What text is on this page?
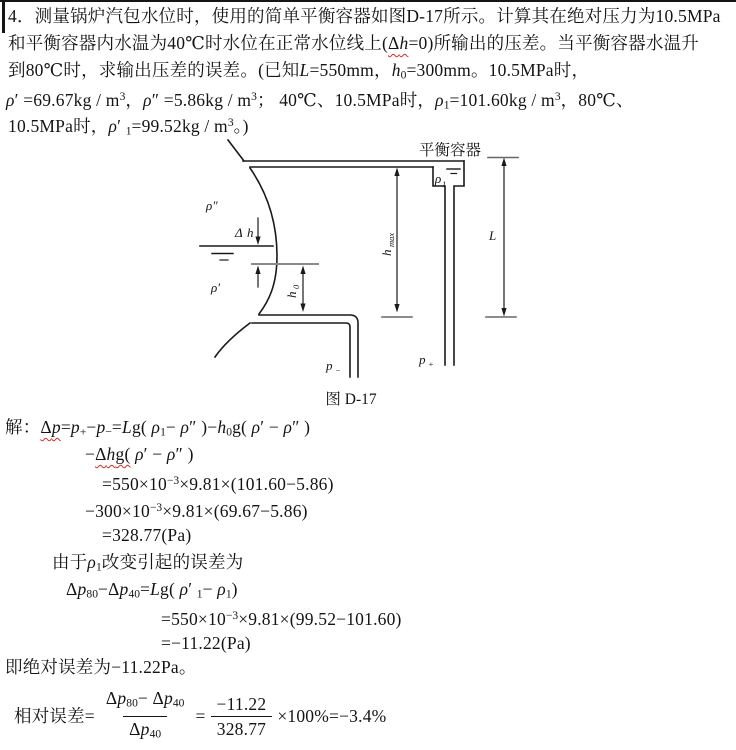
4．测量锅炉汽包水位时，使用的简单平衡容器如图D-17所示。计算其在绝对压力为10.5MPa
和平衡容器内水温为40℃时水位在正常水位线上(Δh=0)所输出的压差。当平衡容器水温升
到80℃时，求输出压差的误差。(已知L=550mm，h0=300mm。10.5MPa时，
$\rho' =69.67kg / m^3$，$\rho'' =5.86kg / m^3$； 40℃、10.5MPa时，$\rho 1=101.60kg / m^3$，80℃、
10.5MPa时，ρ′ $1=99.52kg / m^3$。)
平衡容器
ρ″
Δ h
ρ′	h
0
h
max	L
ρ 1
p −
p +
图 D-17
解：Δp=p+−p−=Lg( ρ1− ρ″ )−h0g( ρ′ − ρ″ )
−Δhg( ρ′ − ρ″ )
$=550\times 10^{-3}\times 9.81\times(101.60-5.86)$
$-300\times 10^{-3}\times 9.81\times(69.67-5.86)$
=328.77(Pa)
由于ρ1改变引起的误差为
Δp80−Δp40=Lg( ρ′ 1− ρ1)
$=550\times 10^{-3}\times 9.81\times(99.52-101.60)$
=−11.22(Pa)
即绝对误差为−11.22Pa。
相对误差= $\frac{\Delta p80- \Delta p40}{\Delta p40} = \frac{-11.22}{328.77} \times 100\%=-3.4\%$
